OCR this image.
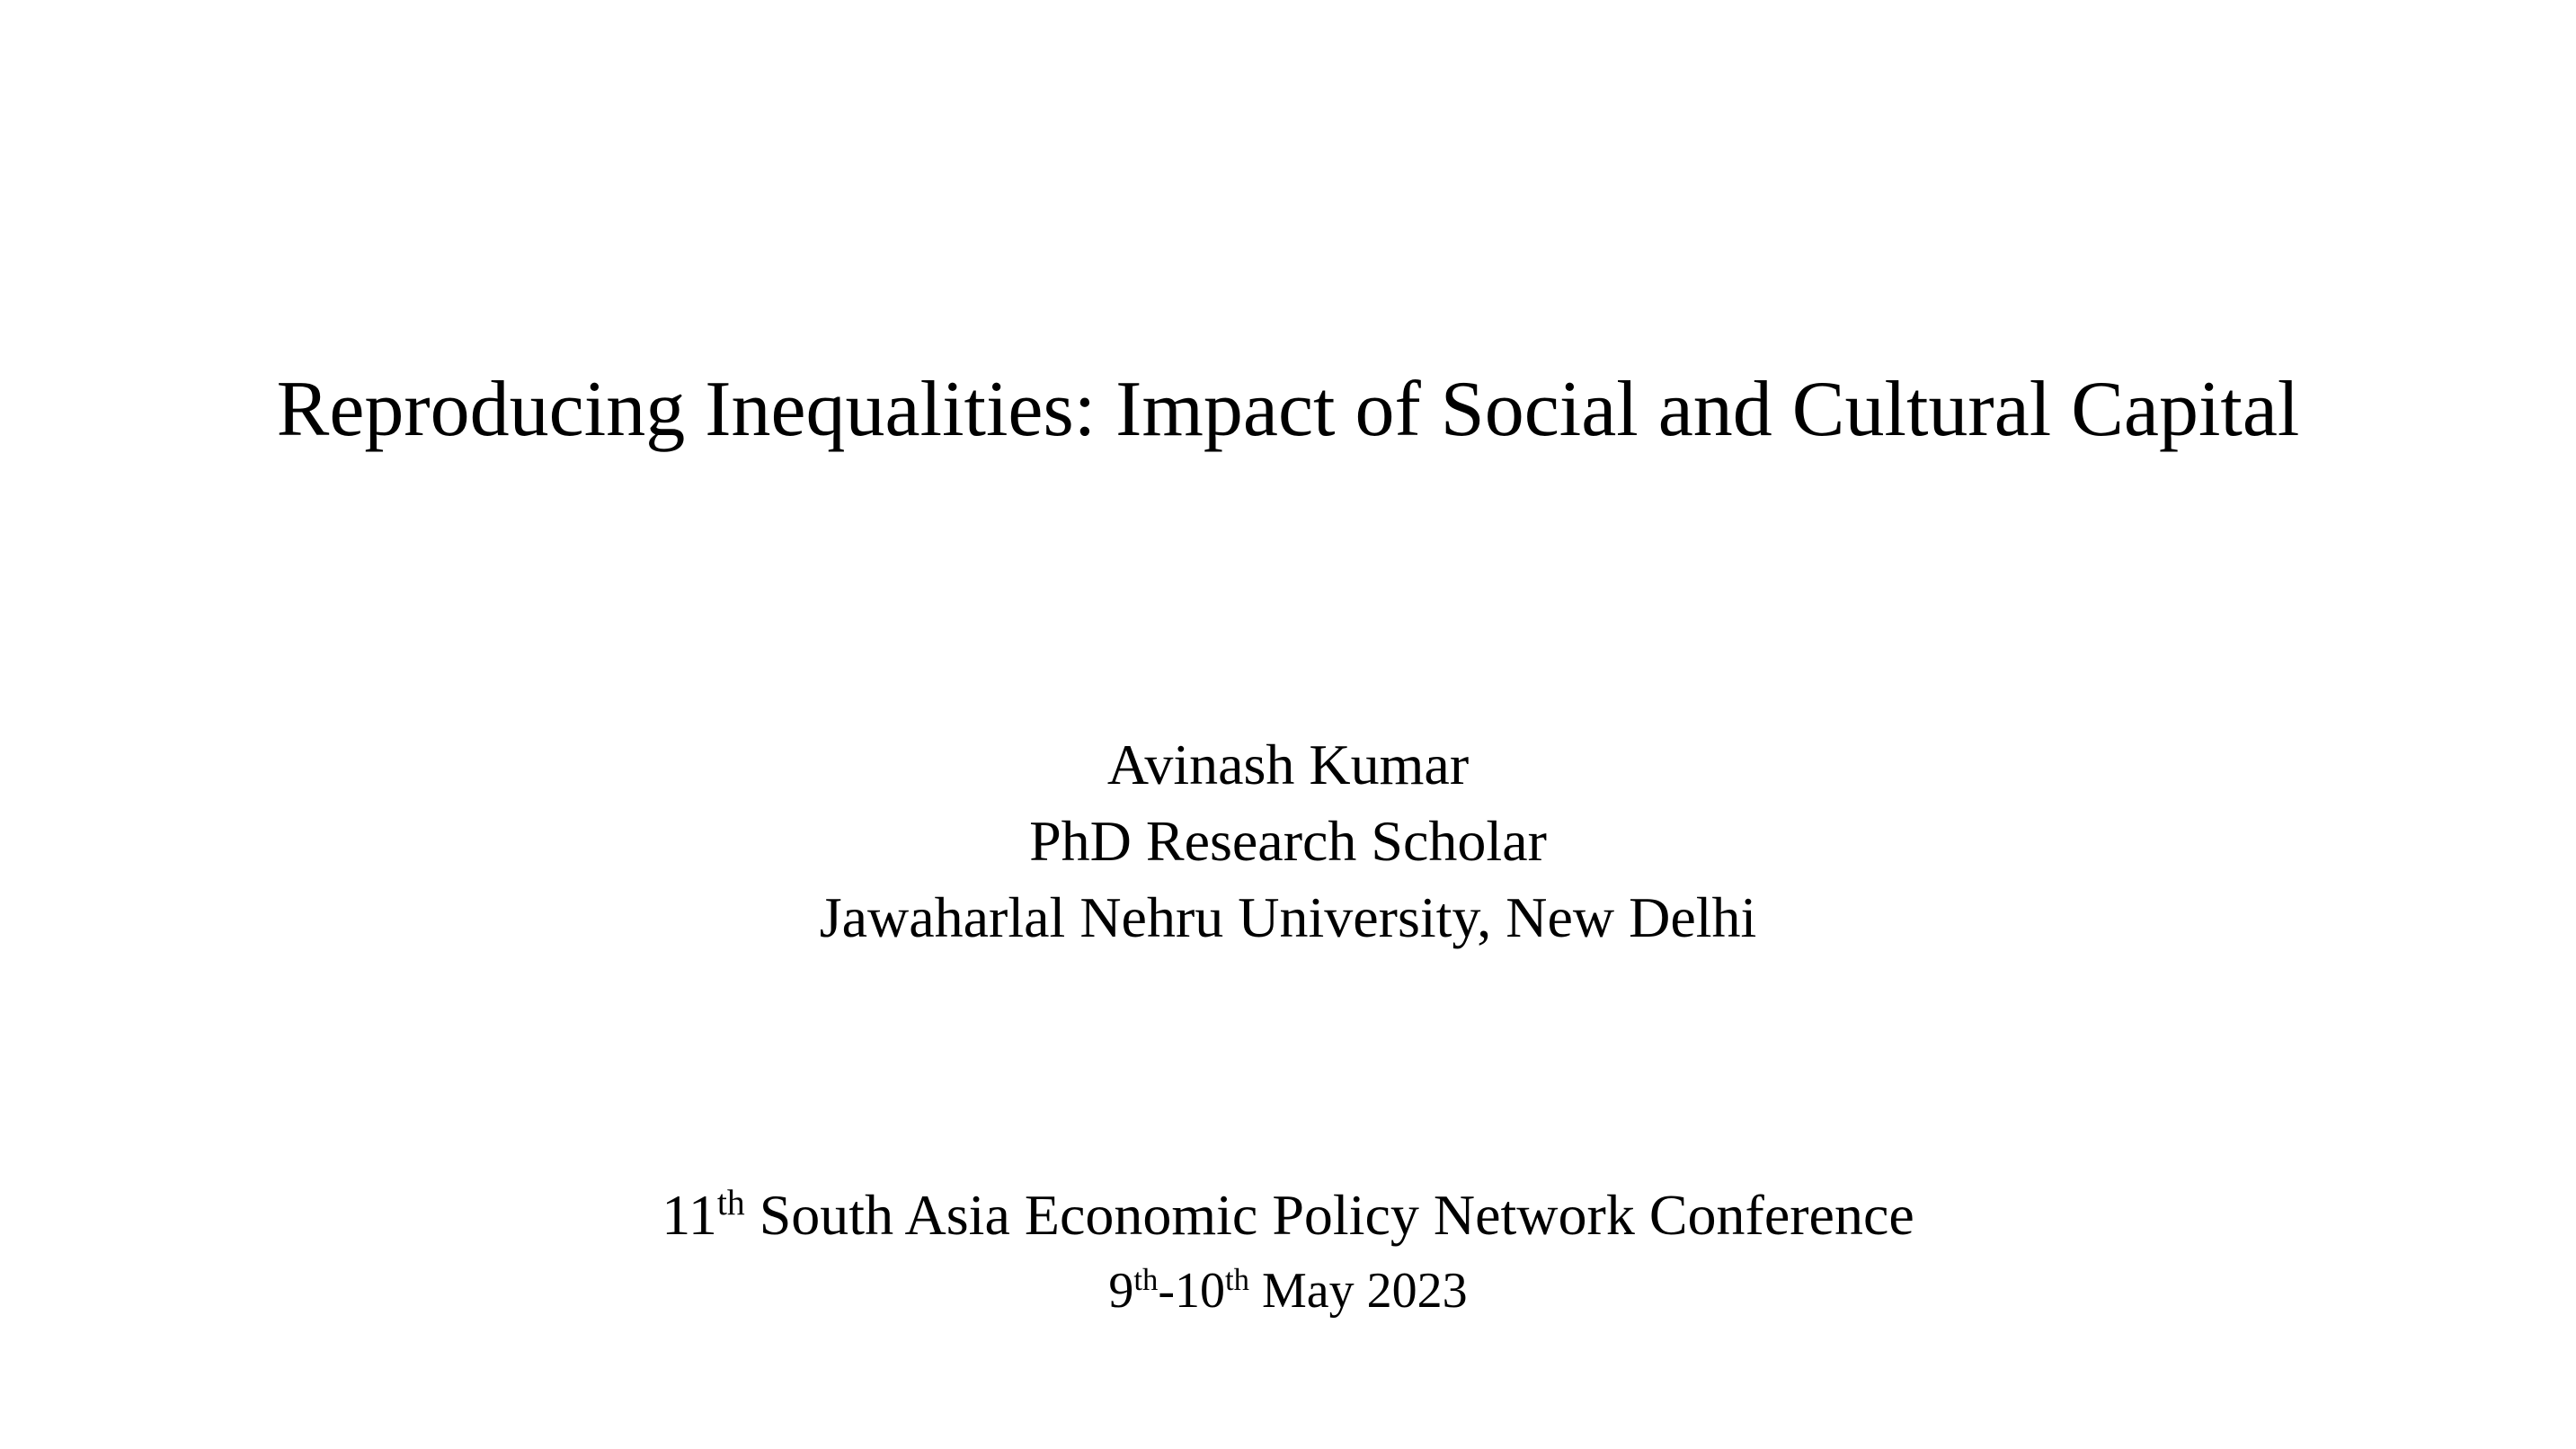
Reproducing Inequalities: Impact of Social and Cultural Capital
Avinash Kumar
PhD Research Scholar
Jawaharlal Nehru University, New Delhi
11th South Asia Economic Policy Network Conference
9th-10th May 2023
